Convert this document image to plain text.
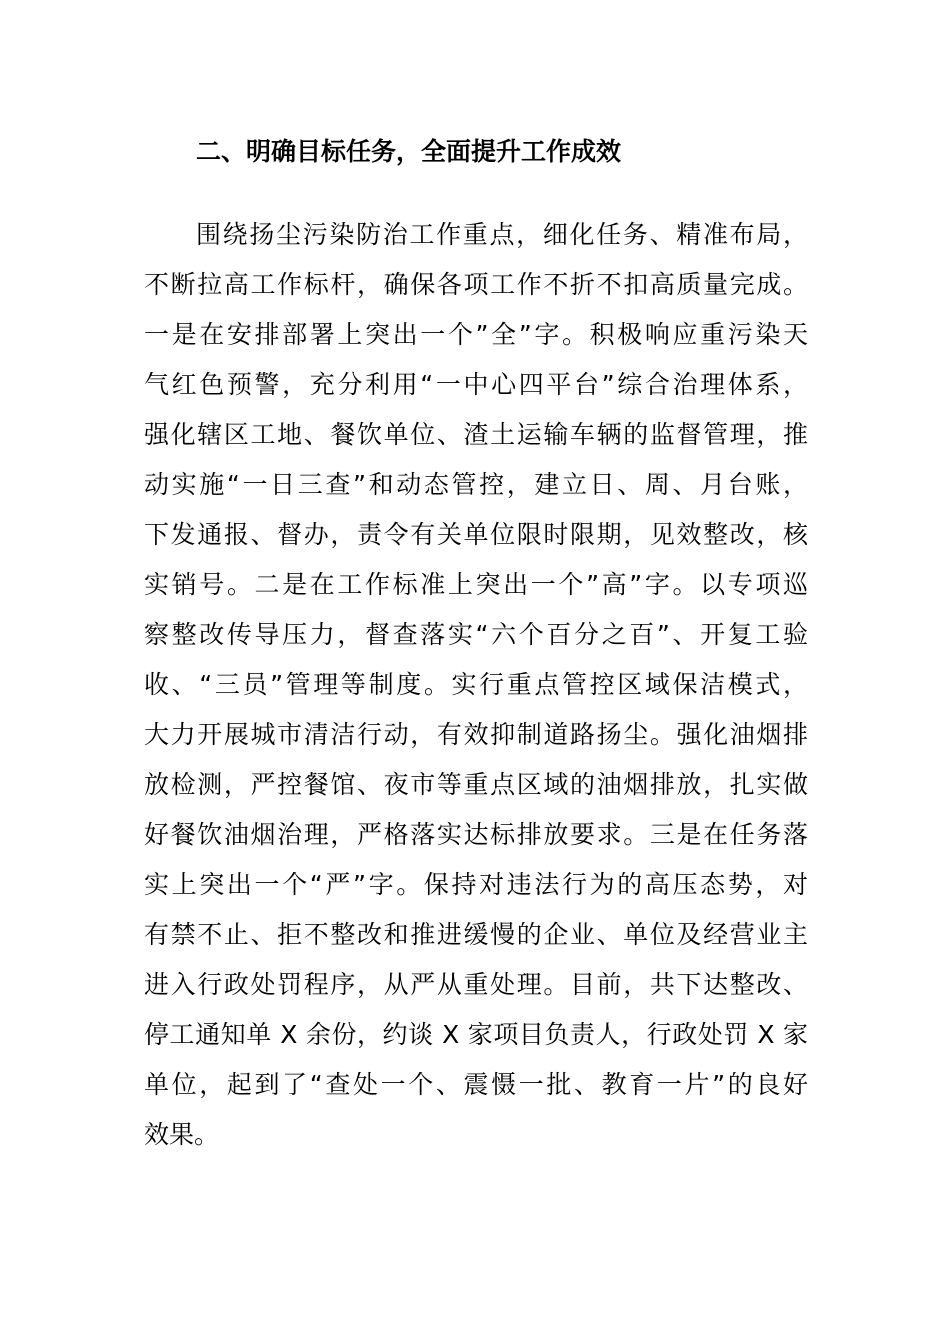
二、明确目标任务，全面提升工作成效
围绕扬尘污染防治工作重点，细化任务、精准布局，
不断拉高工作标杆，确保各项工作不折不扣高质量完成。
一是在安排部署上突出一个”全”字。积极响应重污染天
气红色预警，充分利用“一中心四平台”综合治理体系，
强化辖区工地、餐饮单位、渣土运输车辆的监督管理，推
动实施“一日三查”和动态管控，建立日、周、月台账，
下发通报、督办，责令有关单位限时限期，见效整改，核
实销号。二是在工作标准上突出一个”高”字。以专项巡
察整改传导压力，督查落实“六个百分之百”、开复工验
收、“三员”管理等制度。实行重点管控区域保洁模式，
大力开展城市清洁行动，有效抑制道路扬尘。强化油烟排
放检测，严控餐馆、夜市等重点区域的油烟排放，扎实做
好餐饮油烟治理，严格落实达标排放要求。三是在任务落
实上突出一个“严”字。保持对违法行为的高压态势，对
有禁不止、拒不整改和推进缓慢的企业、单位及经营业主
进入行政处罚程序，从严从重处理。目前，共下达整改、
停工通知单 X 余份，约谈 X 家项目负责人，行政处罚 X 家
单位，起到了“查处一个、震慑一批、教育一片”的良好
效果。
